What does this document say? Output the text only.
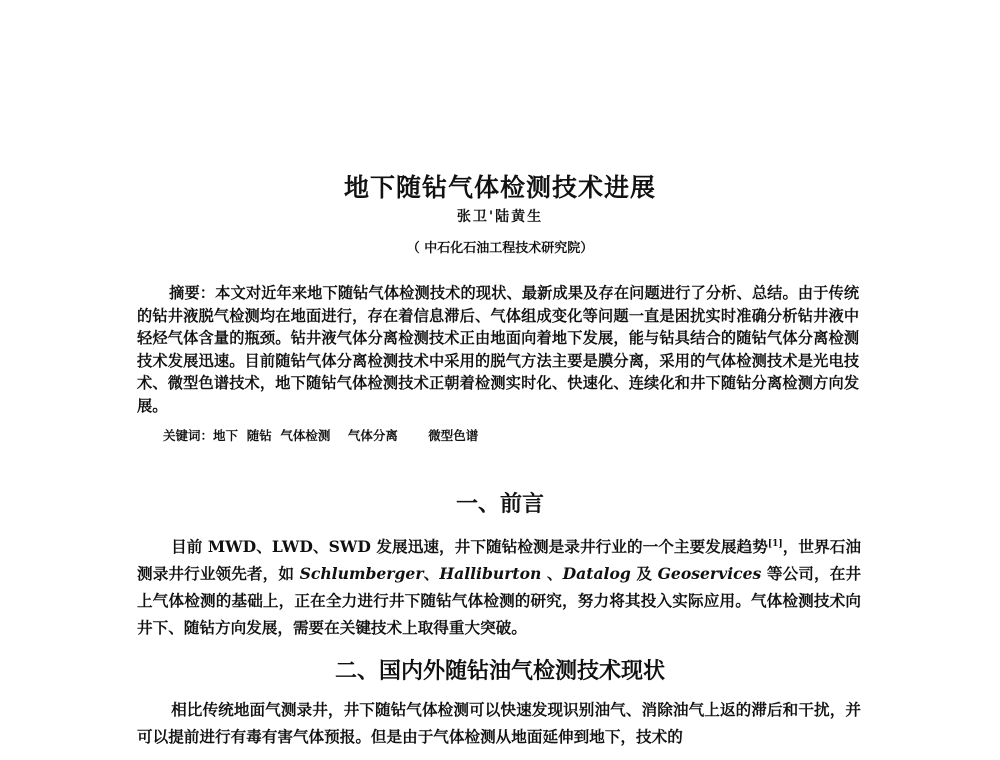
地下随钻气体检测技术进展
张卫'陆黄生
（ 中石化石油工程技术研究院）

摘要：本文对近年来地下随钻气体检测技术的现状、最新成果及存在问题进行了分析、总结。由于传统的钻井液脱气检测均在地面进行，存在着信息滞后、气体组成变化等问题一直是困扰实时准确分析钻井液中轻烃气体含量的瓶颈。钻井液气体分离检测技术正由地面向着地下发展，能与钻具结合的随钻气体分离检测技术发展迅速。目前随钻气体分离检测技术中采用的脱气方法主要是膜分离，采用的气体检测技术是光电技术、微型色谱技术，地下随钻气体检测技术正朝着检测实时化、快速化、连续化和井下随钻分离检测方向发展。

关键词：地下  随钻  气体检测    气体分离       微型色谱
一、前言

目前 MWD、LWD、SWD 发展迅速，井下随钻检测是录井行业的一个主要发展趋势[1]，世界石油测录井行业领先者，如 Schlumberger、Halliburton 、Datalog 及 Geoservices 等公司，在井上气体检测的基础上，正在全力进行井下随钻气体检测的研究，努力将其投入实际应用。气体检测技术向井下、随钻方向发展，需要在关键技术上取得重大突破。

二、国内外随钻油气检测技术现状

相比传统地面气测录井，井下随钻气体检测可以快速发现识别油气、消除油气上返的滞后和干扰，并可以提前进行有毒有害气体预报。但是由于气体检测从地面延伸到地下，技术的
